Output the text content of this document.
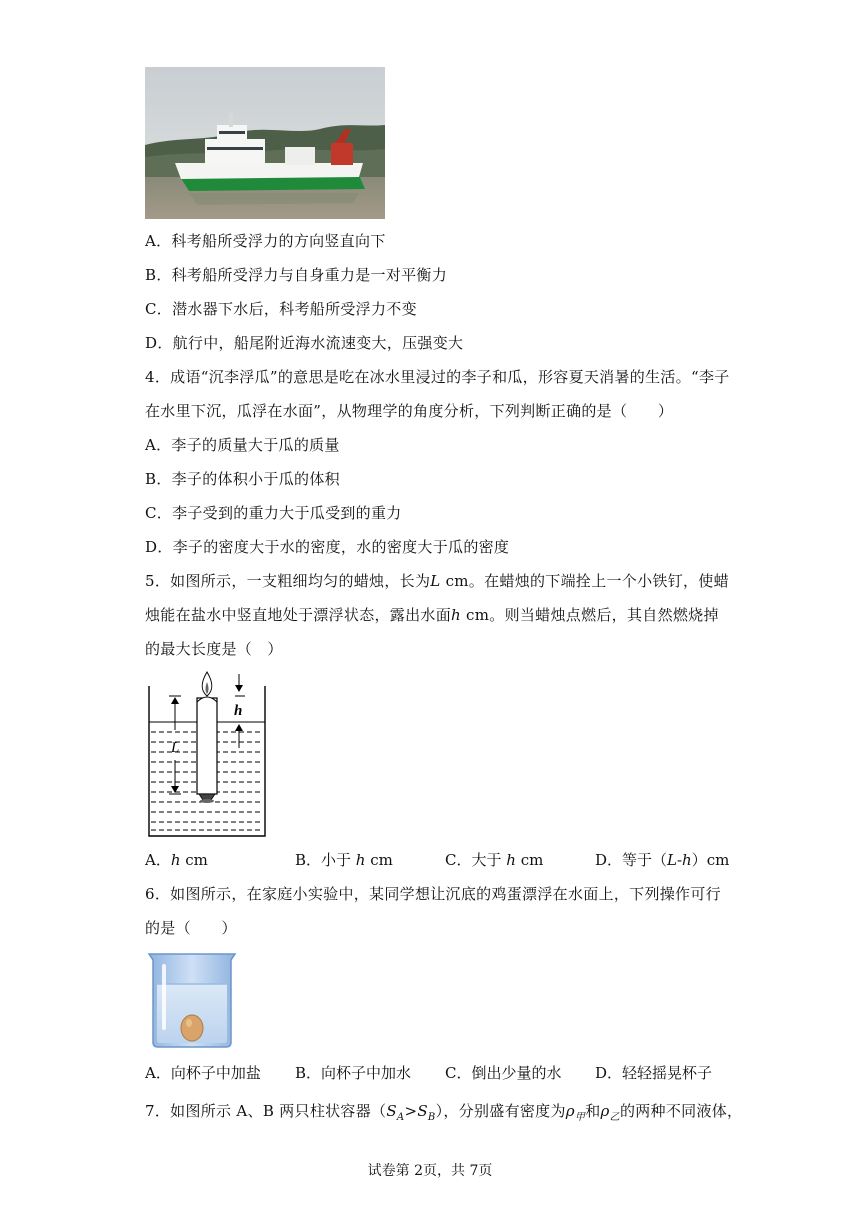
A．科考船所受浮力的方向竖直向下
B．科考船所受浮力与自身重力是一对平衡力
C．潜水器下水后，科考船所受浮力不变
D．航行中，船尾附近海水流速变大，压强变大
4．成语“沉李浮瓜”的意思是吃在冰水里浸过的李子和瓜，形容夏天消暑的生活。“李子
在水里下沉，瓜浮在水面”，从物理学的角度分析，下列判断正确的是（　　）
A．李子的质量大于瓜的质量
B．李子的体积小于瓜的体积
C．李子受到的重力大于瓜受到的重力
D．李子的密度大于水的密度，水的密度大于瓜的密度
5．如图所示，一支粗细均匀的蜡烛，长为L cm。在蜡烛的下端拴上一个小铁钉，使蜡
烛能在盐水中竖直地处于漂浮状态，露出水面h cm。则当蜡烛点燃后，其自然燃烧掉
的最大长度是（　）
L
h
A．h cm	B．小于 h cm	C．大于 h cm	D．等于（L-h）cm
6．如图所示，在家庭小实验中，某同学想让沉底的鸡蛋漂浮在水面上，下列操作可行
的是（　　）
A．向杯子中加盐 B．向杯子中加水 C．倒出少量的水 D．轻轻摇晃杯子
7．如图所示 A、B 两只柱状容器$(S_A>S_B)$，分别盛有密度为$\rho_甲$和$\rho_乙$的两种不同液体，
试卷第 2页，共 7页
